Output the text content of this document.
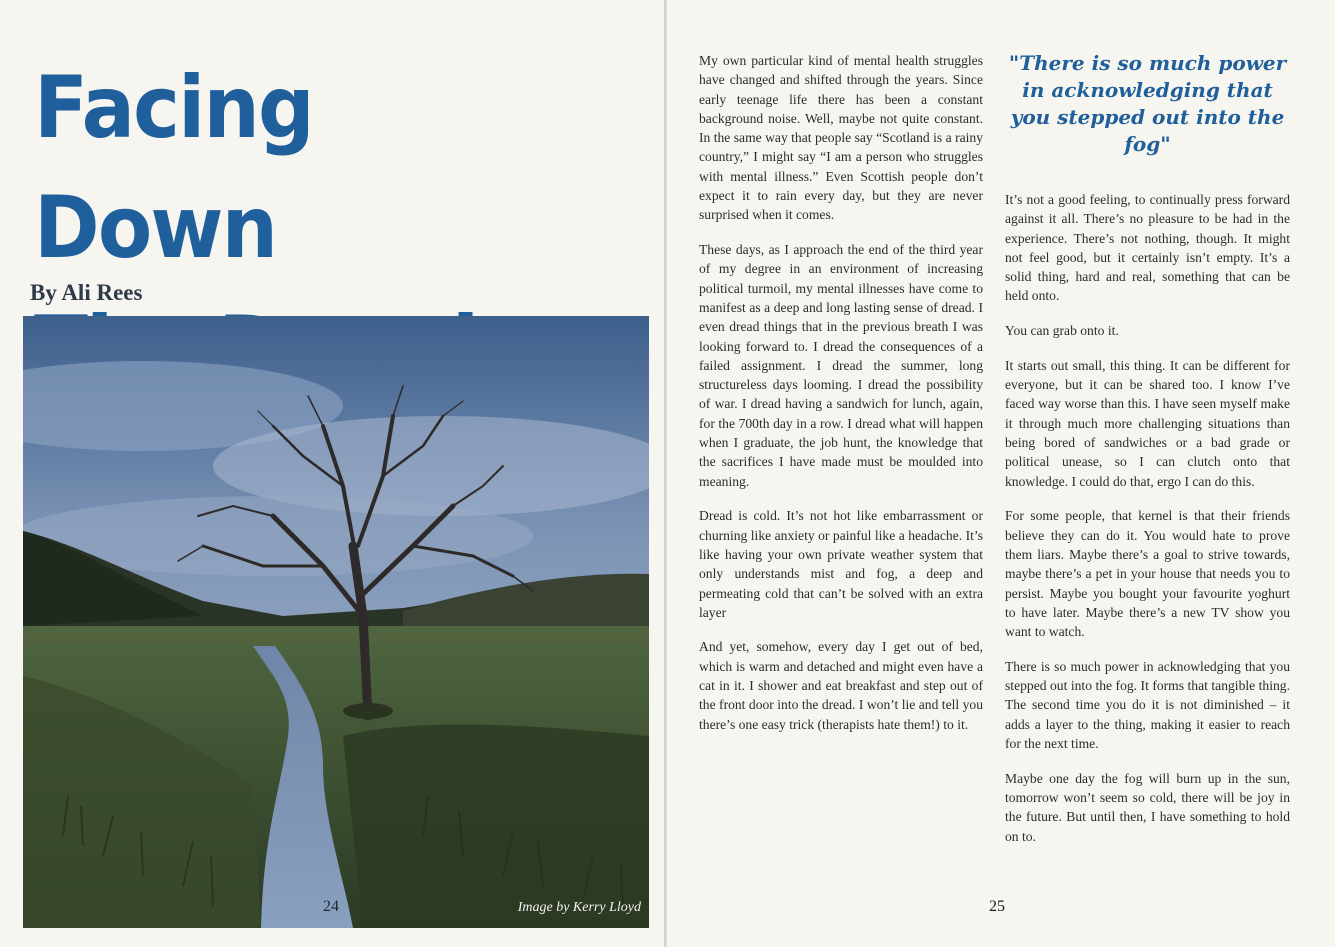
Facing Down

By Ali Rees

Image by Kerry Lloyd
24

My own particular kind of mental health struggles have changed and shifted through the years. Since early teenage life there has been a constant background noise. Well, maybe not quite constant. In the same way that people say “Scotland is a rainy country,” I might say “I am a person who struggles with mental illness.” Even Scottish people don’t expect it to rain every day, but they are never surprised when it comes.

These days, as I approach the end of the third year of my degree in an environment of increasing political turmoil, my mental illnesses have come to manifest as a deep and long lasting sense of dread. I even dread things that in the previous breath I was looking forward to. I dread the consequences of a failed assignment. I dread the summer, long structureless days looming. I dread the possibility of war. I dread having a sandwich for lunch, again, for the 700th day in a row. I dread what will happen when I graduate, the job hunt, the knowledge that the sacrifices I have made must be moulded into meaning.

Dread is cold. It’s not hot like embarrassment or churning like anxiety or painful like a headache. It’s like having your own private weather system that only understands mist and fog, a deep and permeating cold that can’t be solved with an extra layer

And yet, somehow, every day I get out of bed, which is warm and detached and might even have a cat in it. I shower and eat breakfast and step out of the front door into the dread. I won’t lie and tell you there’s one easy trick (therapists hate them!) to it.

"There is so much power in acknowledging that you stepped out into the fog"

It’s not a good feeling, to continually press forward against it all. There’s no pleasure to be had in the experience. There’s not nothing, though. It might not feel good, but it certainly isn’t empty. It’s a solid thing, hard and real, something that can be held onto.

You can grab onto it.

It starts out small, this thing. It can be different for everyone, but it can be shared too. I know I’ve faced way worse than this. I have seen myself make it through much more challenging situations than being bored of sandwiches or a bad grade or political unease, so I can clutch onto that knowledge. I could do that, ergo I can do this.

For some people, that kernel is that their friends believe they can do it. You would hate to prove them liars. Maybe there’s a goal to strive towards, maybe there’s a pet in your house that needs you to persist. Maybe you bought your favourite yoghurt to have later. Maybe there’s a new TV show you want to watch.

There is so much power in acknowledging that you stepped out into the fog. It forms that tangible thing. The second time you do it is not diminished – it adds a layer to the thing, making it easier to reach for the next time.

Maybe one day the fog will burn up in the sun, tomorrow won’t seem so cold, there will be joy in the future. But until then, I have something to hold on to.

25
